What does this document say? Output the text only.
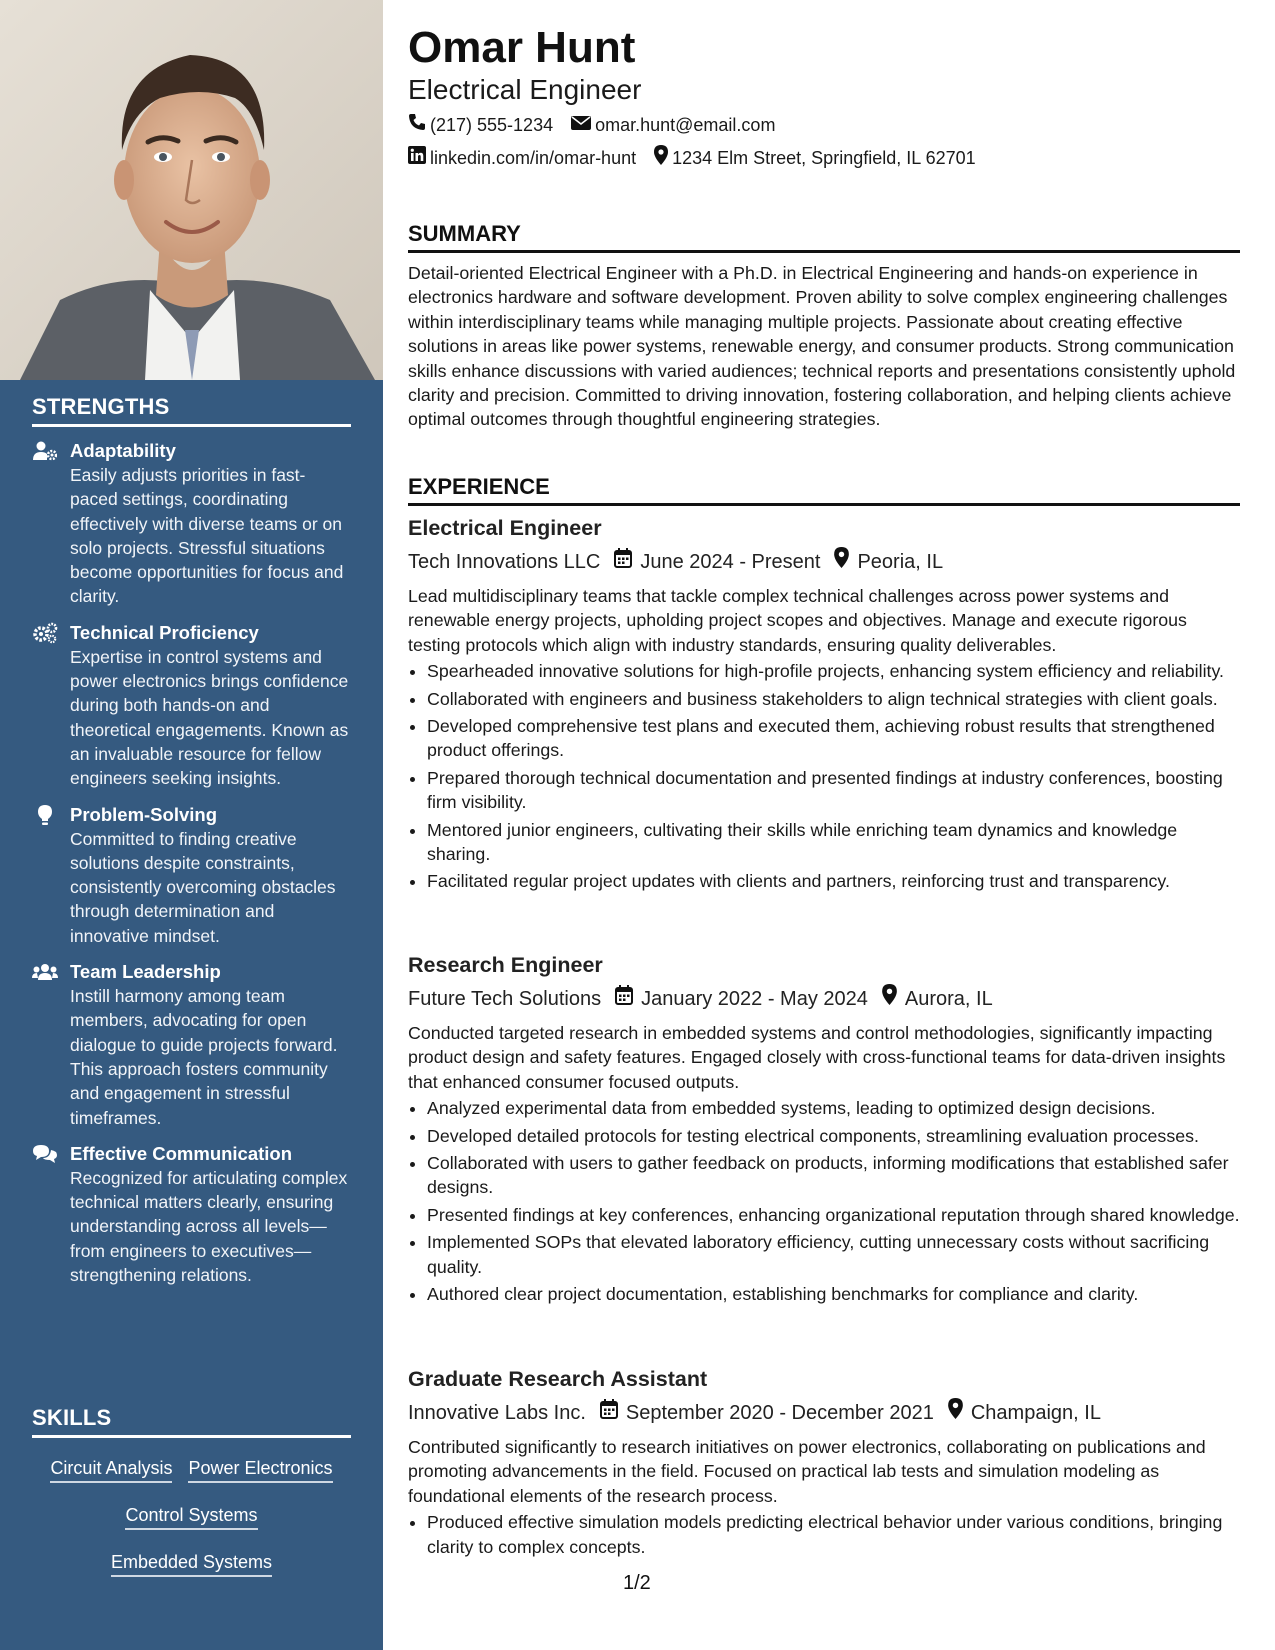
STRENGTHS
Adaptability
Easily adjusts priorities in fast-paced settings, coordinating effectively with diverse teams or on solo projects. Stressful situations become opportunities for focus and clarity.
Technical Proficiency
Expertise in control systems and power electronics brings confidence during both hands-on and theoretical engagements. Known as an invaluable resource for fellow engineers seeking insights.
Problem-Solving
Committed to finding creative solutions despite constraints, consistently overcoming obstacles through determination and innovative mindset.
Team Leadership
Instill harmony among team members, advocating for open dialogue to guide projects forward. This approach fosters community and engagement in stressful timeframes.
Effective Communication
Recognized for articulating complex technical matters clearly, ensuring understanding across all levels—from engineers to executives—strengthening relations.
SKILLS
Circuit Analysis Power Electronics
Control Systems
Embedded Systems
Omar Hunt
Electrical Engineer
(217) 555-1234 omar.hunt@email.com
linkedin.com/in/omar-hunt 1234 Elm Street, Springfield, IL 62701
SUMMARY

Detail-oriented Electrical Engineer with a Ph.D. in Electrical Engineering and hands-on experience in electronics hardware and software development. Proven ability to solve complex engineering challenges within interdisciplinary teams while managing multiple projects. Passionate about creating effective solutions in areas like power systems, renewable energy, and consumer products. Strong communication skills enhance discussions with varied audiences; technical reports and presentations consistently uphold clarity and precision. Committed to driving innovation, fostering collaboration, and helping clients achieve optimal outcomes through thoughtful engineering strategies.

EXPERIENCE
Electrical Engineer
Tech Innovations LLC June 2024 - Present Peoria, IL

Lead multidisciplinary teams that tackle complex technical challenges across power systems and renewable energy projects, upholding project scopes and objectives. Manage and execute rigorous testing protocols which align with industry standards, ensuring quality deliverables.

• Spearheaded innovative solutions for high-profile projects, enhancing system efficiency and reliability.
• Collaborated with engineers and business stakeholders to align technical strategies with client goals.
• Developed comprehensive test plans and executed them, achieving robust results that strengthened product offerings.
• Prepared thorough technical documentation and presented findings at industry conferences, boosting firm visibility.
• Mentored junior engineers, cultivating their skills while enriching team dynamics and knowledge sharing.
• Facilitated regular project updates with clients and partners, reinforcing trust and transparency.
Research Engineer
Future Tech Solutions January 2022 - May 2024 Aurora, IL

Conducted targeted research in embedded systems and control methodologies, significantly impacting product design and safety features. Engaged closely with cross-functional teams for data-driven insights that enhanced consumer focused outputs.

• Analyzed experimental data from embedded systems, leading to optimized design decisions.
• Developed detailed protocols for testing electrical components, streamlining evaluation processes.
• Collaborated with users to gather feedback on products, informing modifications that established safer designs.
• Presented findings at key conferences, enhancing organizational reputation through shared knowledge.
• Implemented SOPs that elevated laboratory efficiency, cutting unnecessary costs without sacrificing quality.
• Authored clear project documentation, establishing benchmarks for compliance and clarity.
Graduate Research Assistant
Innovative Labs Inc. September 2020 - December 2021 Champaign, IL

Contributed significantly to research initiatives on power electronics, collaborating on publications and promoting advancements in the field. Focused on practical lab tests and simulation modeling as foundational elements of the research process.

• Produced effective simulation models predicting electrical behavior under various conditions, bringing clarity to complex concepts.
1/2
